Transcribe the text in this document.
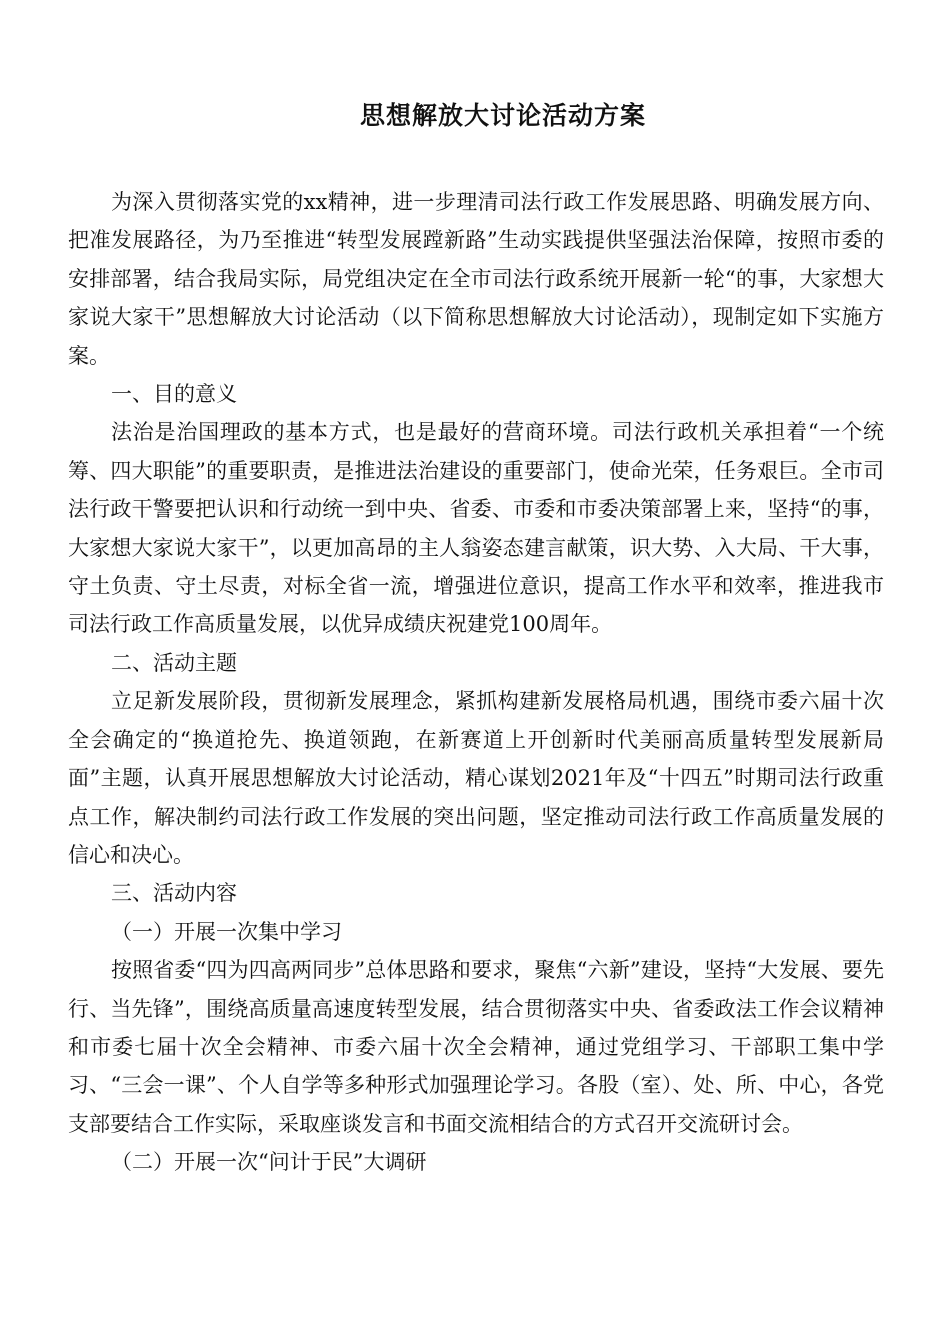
思想解放大讨论活动方案

为深入贯彻落实党的xx精神，进一步理清司法行政工作发展思路、明确发展方向、把准发展路径，为乃至推进“转型发展蹚新路”生动实践提供坚强法治保障，按照市委的安排部署，结合我局实际，局党组决定在全市司法行政系统开展新一轮“的事，大家想大家说大家干”思想解放大讨论活动（以下简称思想解放大讨论活动），现制定如下实施方案。

一、目的意义

法治是治国理政的基本方式，也是最好的营商环境。司法行政机关承担着“一个统筹、四大职能”的重要职责，是推进法治建设的重要部门，使命光荣，任务艰巨。全市司法行政干警要把认识和行动统一到中央、省委、市委和市委决策部署上来，坚持“的事，大家想大家说大家干”，以更加高昂的主人翁姿态建言献策，识大势、入大局、干大事，守土负责、守土尽责，对标全省一流，增强进位意识，提高工作水平和效率，推进我市司法行政工作高质量发展，以优异成绩庆祝建党100周年。

二、活动主题

立足新发展阶段，贯彻新发展理念，紧抓构建新发展格局机遇，围绕市委六届十次全会确定的“换道抢先、换道领跑，在新赛道上开创新时代美丽高质量转型发展新局面”主题，认真开展思想解放大讨论活动，精心谋划2021年及“十四五”时期司法行政重点工作，解决制约司法行政工作发展的突出问题，坚定推动司法行政工作高质量发展的信心和决心。

三、活动内容

（一）开展一次集中学习

按照省委“四为四高两同步”总体思路和要求，聚焦“六新”建设，坚持“大发展、要先行、当先锋”，围绕高质量高速度转型发展，结合贯彻落实中央、省委政法工作会议精神和市委七届十次全会精神、市委六届十次全会精神，通过党组学习、干部职工集中学习、“三会一课”、个人自学等多种形式加强理论学习。各股（室）、处、所、中心，各党支部要结合工作实际，采取座谈发言和书面交流相结合的方式召开交流研讨会。

（二）开展一次“问计于民”大调研
